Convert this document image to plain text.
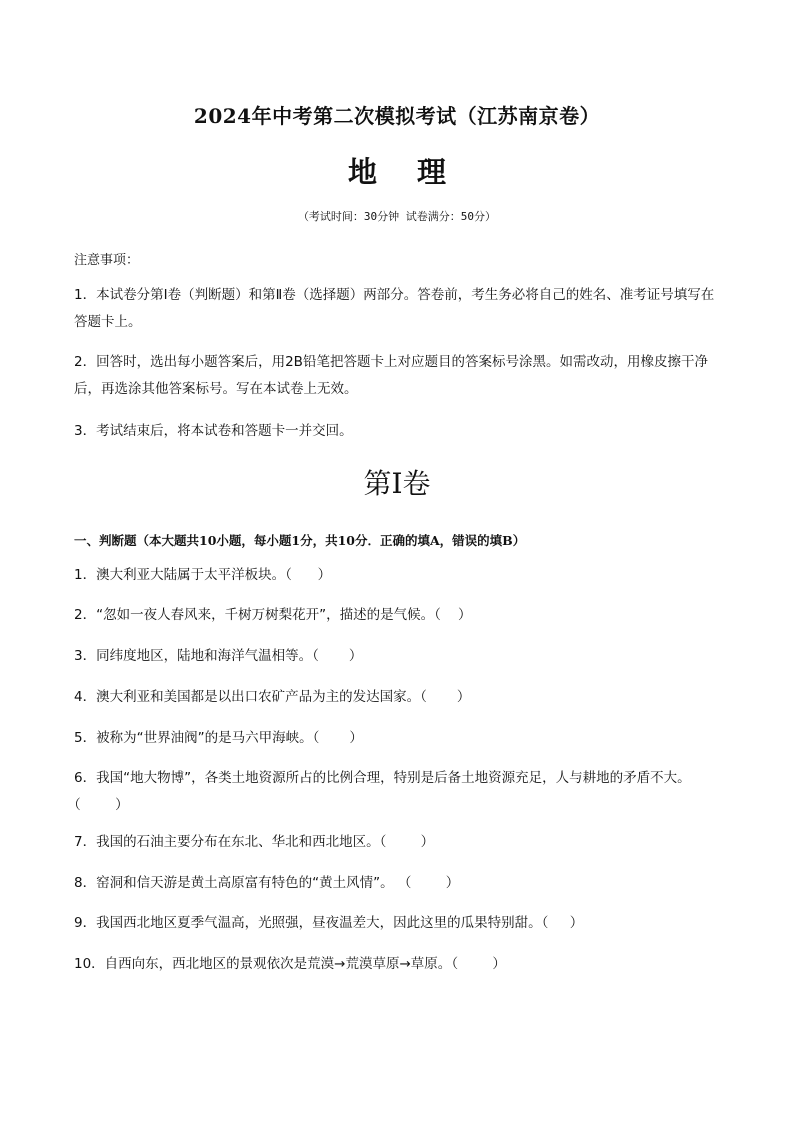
2024年中考第二次模拟考试（江苏南京卷）
地 理
（考试时间：30分钟 试卷满分：50分）
注意事项：
1．本试卷分第Ⅰ卷（判断题）和第Ⅱ卷（选择题）两部分。答卷前，考生务必将自己的姓名、准考证号填写在答题卡上。
2．回答时，选出每小题答案后，用2B铅笔把答题卡上对应题目的答案标号涂黑。如需改动，用橡皮擦干净后，再选涂其他答案标号。写在本试卷上无效。
3．考试结束后，将本试卷和答题卡一并交回。
第Ⅰ卷
一、判断题（本大题共10小题，每小题1分，共10分．正确的填A，错误的填B）
1．澳大利亚大陆属于太平洋板块。（      ）
2．“忽如一夜人春风来，千树万树梨花开”，描述的是气候。（    ）
3．同纬度地区，陆地和海洋气温相等。（       ）
4．澳大利亚和美国都是以出口农矿产品为主的发达国家。（       ）
5．被称为“世界油阀”的是马六甲海峡。（       ）
6．我国“地大物博”，各类土地资源所占的比例合理，特别是后备土地资源充足，人与耕地的矛盾不大。（        ）
7．我国的石油主要分布在东北、华北和西北地区。（        ）
8．窑洞和信天游是黄土高原富有特色的“黄土风情”。 （        ）
9．我国西北地区夏季气温高，光照强，昼夜温差大，因此这里的瓜果特别甜。（     ）
10．自西向东，西北地区的景观依次是荒漠→荒漠草原→草原。（        ）
